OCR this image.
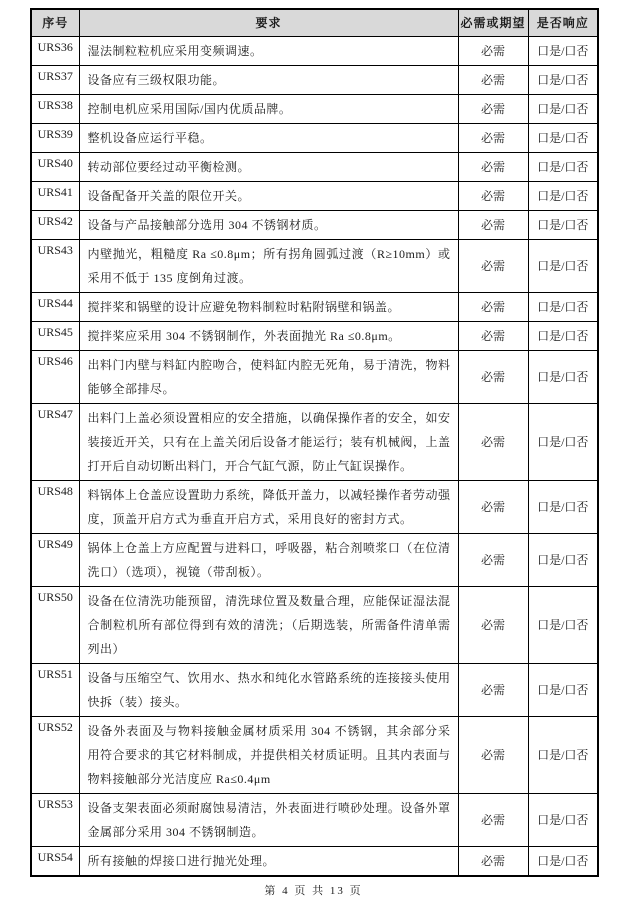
序号	要求	必需或期望	是否响应
URS36	湿法制粒粒机应采用变频调速。	必需	口是/口否
URS37	设备应有三级权限功能。	必需	口是/口否
URS38	控制电机应采用国际/国内优质品牌。	必需	口是/口否
URS39	整机设备应运行平稳。	必需	口是/口否
URS40	转动部位要经过动平衡检测。	必需	口是/口否
URS41	设备配备开关盖的限位开关。	必需	口是/口否
URS42	设备与产品接触部分选用 304 不锈钢材质。	必需	口是/口否
URS43	内壁抛光，粗糙度 Ra ≤0.8μm；所有拐角圆弧过渡（R≥10mm）或采用不低于 135 度倒角过渡。	必需	口是/口否
URS44	搅拌桨和锅壁的设计应避免物料制粒时粘附锅壁和锅盖。	必需	口是/口否
URS45	搅拌桨应采用 304 不锈钢制作，外表面抛光 Ra ≤0.8μm。	必需	口是/口否
URS46	出料门内壁与料缸内腔吻合，使料缸内腔无死角，易于清洗，物料能够全部排尽。	必需	口是/口否
URS47	出料门上盖必须设置相应的安全措施，以确保操作者的安全，如安装接近开关，只有在上盖关闭后设备才能运行；装有机械阀，上盖打开后自动切断出料门，开合气缸气源，防止气缸误操作。	必需	口是/口否
URS48	料锅体上仓盖应设置助力系统，降低开盖力，以减轻操作者劳动强度，顶盖开启方式为垂直开启方式，采用良好的密封方式。	必需	口是/口否
URS49	锅体上仓盖上方应配置与进料口，呼吸器，粘合剂喷浆口（在位清洗口）（选项），视镜（带刮板）。	必需	口是/口否
URS50	设备在位清洗功能预留，清洗球位置及数量合理，应能保证湿法混合制粒机所有部位得到有效的清洗；（后期选装，所需备件清单需列出）	必需	口是/口否
URS51	设备与压缩空气、饮用水、热水和纯化水管路系统的连接接头使用快拆（装）接头。	必需	口是/口否
URS52	设备外表面及与物料接触金属材质采用 304 不锈钢，其余部分采用符合要求的其它材料制成，并提供相关材质证明。且其内表面与物料接触部分光洁度应 Ra≤0.4μm	必需	口是/口否
URS53	设备支架表面必须耐腐蚀易清洁，外表面进行喷砂处理。设备外罩金属部分采用 304 不锈钢制造。	必需	口是/口否
URS54	所有接触的焊接口进行抛光处理。	必需	口是/口否
第 4 页 共 13 页
